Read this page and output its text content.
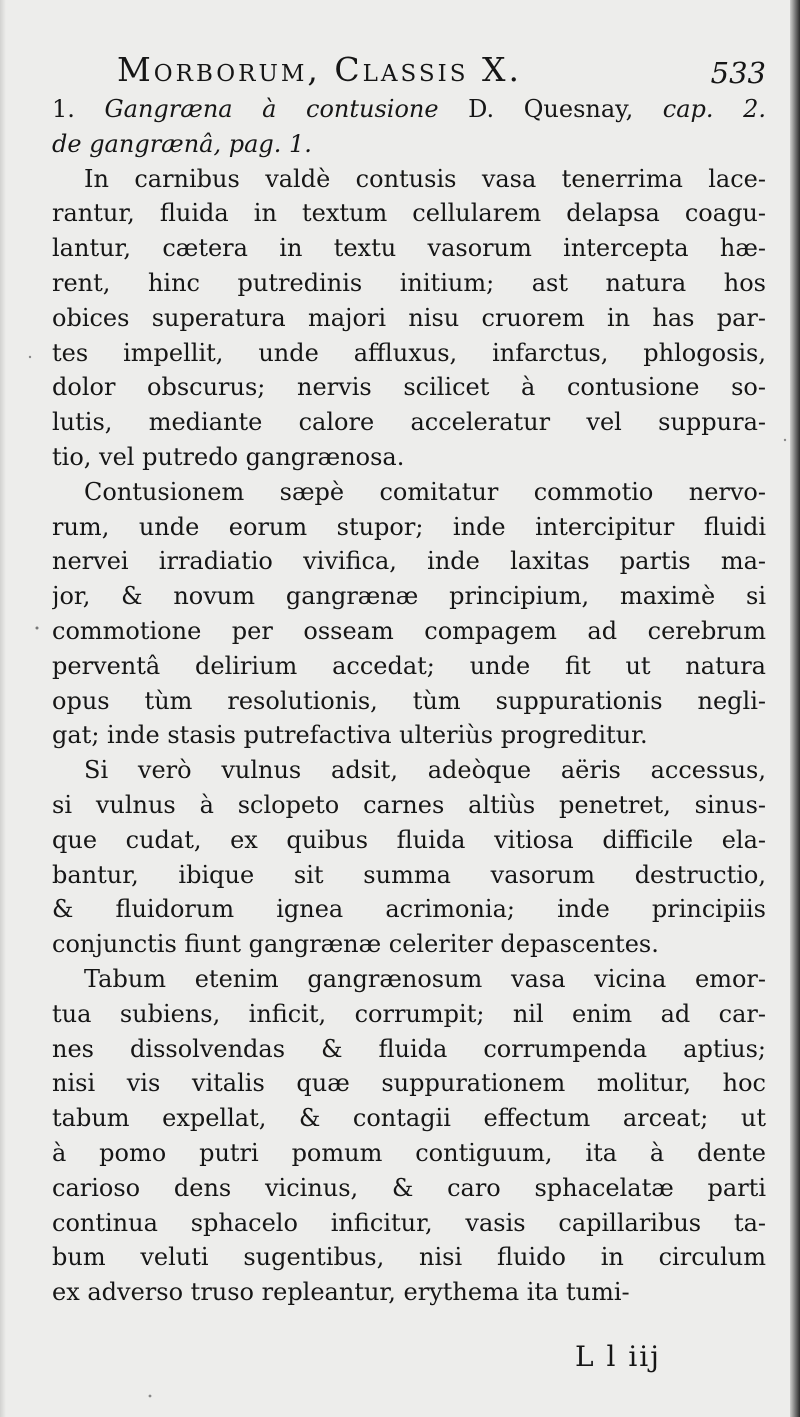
Morborum, Classis X.	533
1. Gangræna à contusione D. Quesnay, cap. 2.
de gangrænâ, pag. 1.
In carnibus valdè contusis vasa tenerrima lace-
rantur, fluida in textum cellularem delapsa coagu-
lantur, cætera in textu vasorum intercepta hæ-
rent, hinc putredinis initium; ast natura hos
obices superatura majori nisu cruorem in has par-
tes impellit, unde affluxus, infarctus, phlogosis,
dolor obscurus; nervis scilicet à contusione so-
lutis, mediante calore acceleratur vel suppura-
tio, vel putredo gangrænosa.
Contusionem sæpè comitatur commotio nervo-
rum, unde eorum stupor; inde intercipitur fluidi
nervei irradiatio vivifica, inde laxitas partis ma-
jor, & novum gangrænæ principium, maximè si
commotione per osseam compagem ad cerebrum
perventâ delirium accedat; unde fit ut natura
opus tùm resolutionis, tùm suppurationis negli-
gat; inde stasis putrefactiva ulteriùs progreditur.
Si verò vulnus adsit, adeòque aëris accessus,
si vulnus à sclopeto carnes altiùs penetret, sinus-
que cudat, ex quibus fluida vitiosa difficile ela-
bantur, ibique sit summa vasorum destructio,
& fluidorum ignea acrimonia; inde principiis
conjunctis fiunt gangrænæ celeriter depascentes.
Tabum etenim gangrænosum vasa vicina emor-
tua subiens, inficit, corrumpit; nil enim ad car-
nes dissolvendas & fluida corrumpenda aptius;
nisi vis vitalis quæ suppurationem molitur, hoc
tabum expellat, & contagii effectum arceat; ut
à pomo putri pomum contiguum, ita à dente
carioso dens vicinus, & caro sphacelatæ parti
continua sphacelo inficitur, vasis capillaribus ta-
bum veluti sugentibus, nisi fluido in circulum
ex adverso truso repleantur, erythema ita tumi-
L l iij
